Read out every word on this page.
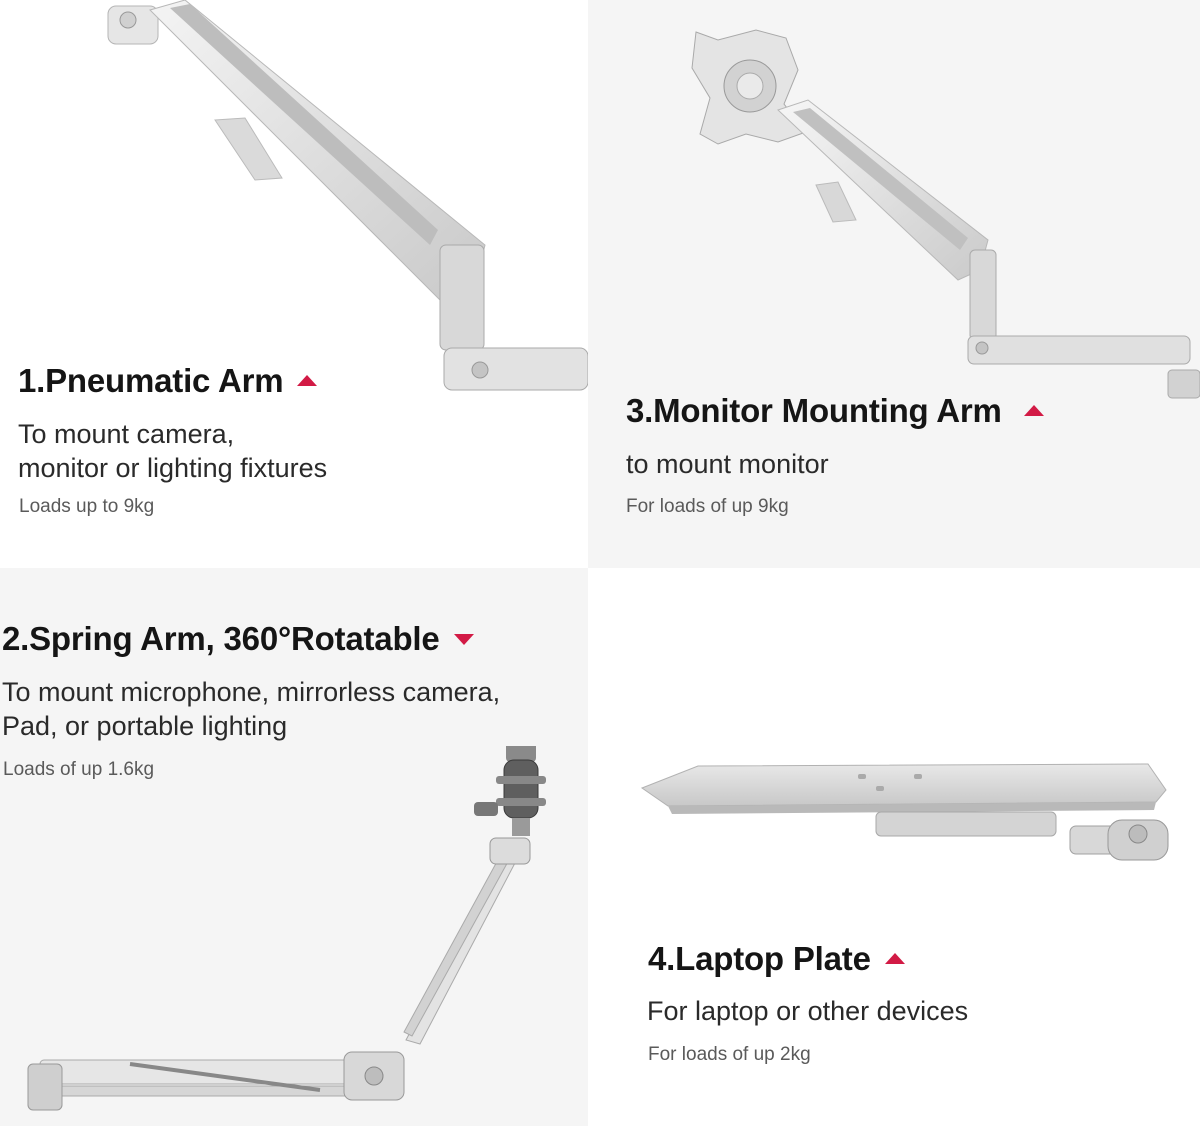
1.Pneumatic Arm

To mount camera,
monitor or lighting fixtures

Loads up to 9kg

3.Monitor Mounting Arm

to mount monitor

For loads of up 9kg

2.Spring Arm, 360°Rotatable

To mount microphone, mirrorless camera,
Pad, or portable lighting

Loads of up 1.6kg

4.Laptop Plate

For laptop or other devices

For loads of up 2kg
